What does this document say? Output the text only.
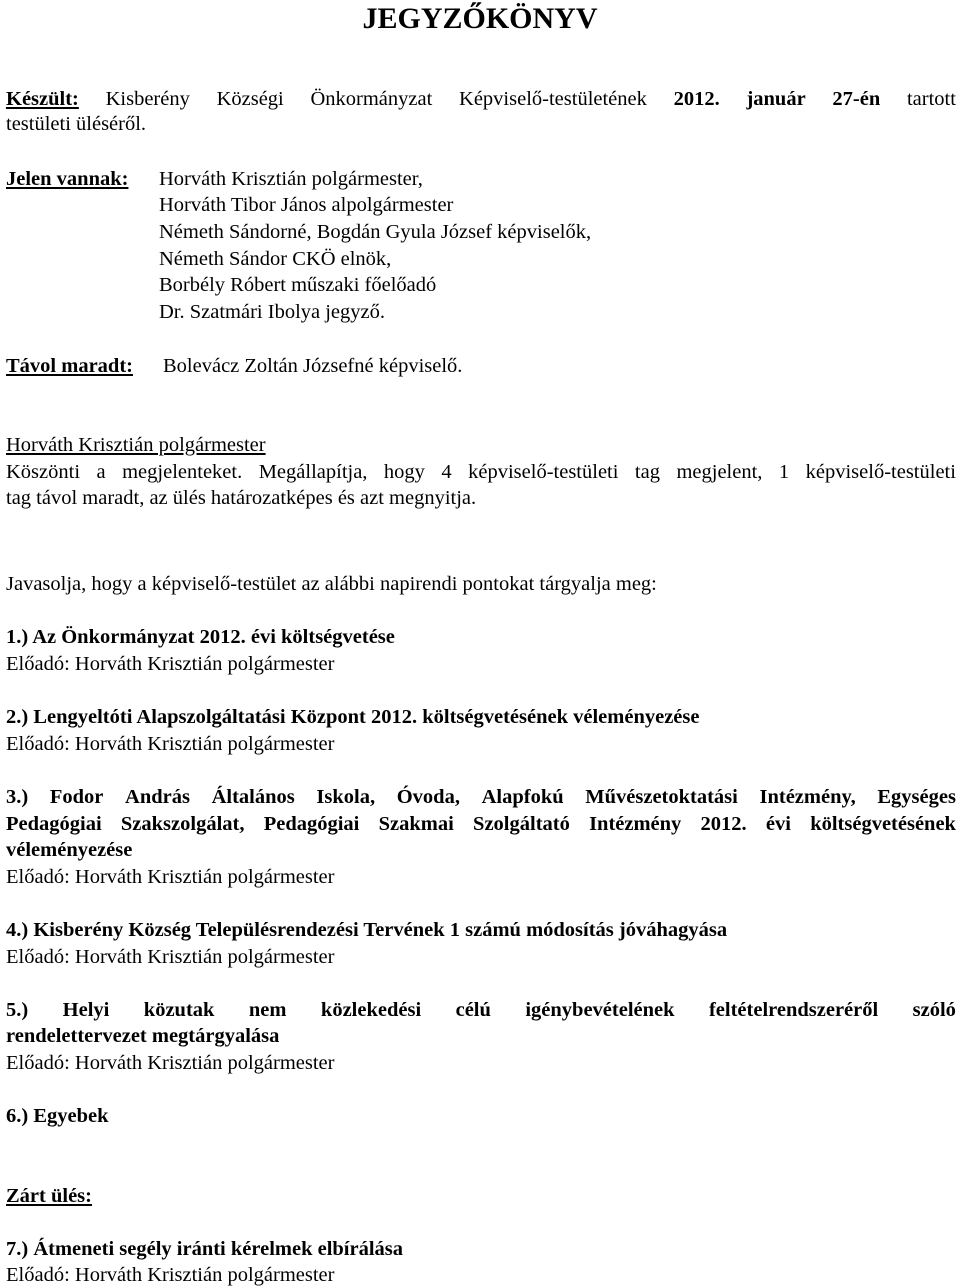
JEGYZŐKÖNYV
Készült: Kisberény Községi Önkormányzat Képviselő-testületének 2012. január 27-én tartott
testületi üléséről.
Jelen vannak: Horváth Krisztián polgármester,
Horváth Tibor János alpolgármester
Németh Sándorné, Bogdán Gyula József képviselők,
Németh Sándor CKÖ elnök,
Borbély Róbert műszaki főelőadó
Dr. Szatmári Ibolya jegyző.
Távol maradt: Bolevácz Zoltán Józsefné képviselő.
Horváth Krisztián polgármester
Köszönti a megjelenteket. Megállapítja, hogy 4 képviselő-testületi tag megjelent, 1 képviselő-testületi
tag távol maradt, az ülés határozatképes és azt megnyitja.
Javasolja, hogy a képviselő-testület az alábbi napirendi pontokat tárgyalja meg:
1.) Az Önkormányzat 2012. évi költségvetése
Előadó: Horváth Krisztián polgármester
2.) Lengyeltóti Alapszolgáltatási Központ 2012. költségvetésének véleményezése
Előadó: Horváth Krisztián polgármester
3.) Fodor András Általános Iskola, Óvoda, Alapfokú Művészetoktatási Intézmény, Egységes
Pedagógiai Szakszolgálat, Pedagógiai Szakmai Szolgáltató Intézmény 2012. évi költségvetésének
véleményezése
Előadó: Horváth Krisztián polgármester
4.) Kisberény Község Településrendezési Tervének 1 számú módosítás jóváhagyása
Előadó: Horváth Krisztián polgármester
5.) Helyi közutak nem közlekedési célú igénybevételének feltételrendszeréről szóló
rendelettervezet megtárgyalása
Előadó: Horváth Krisztián polgármester
6.) Egyebek
Zárt ülés:
7.) Átmeneti segély iránti kérelmek elbírálása
Előadó: Horváth Krisztián polgármester
